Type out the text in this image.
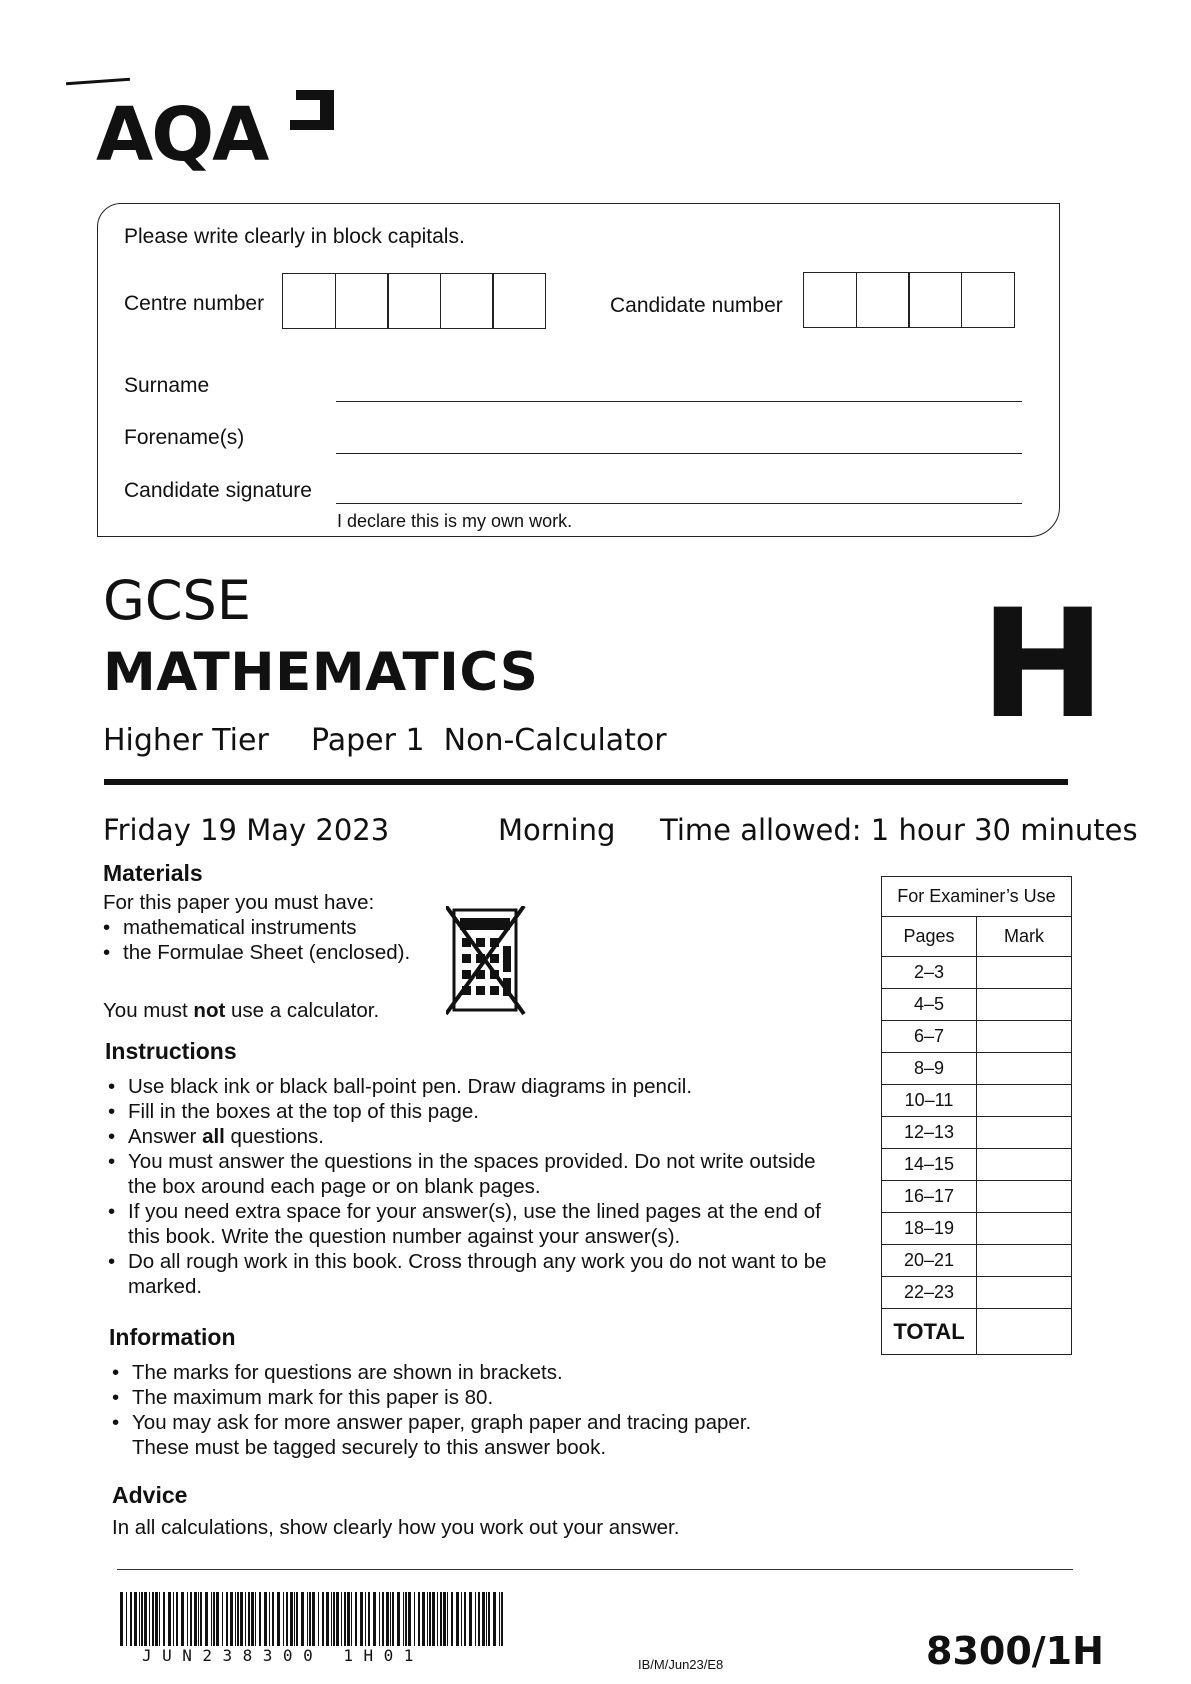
AQA
Please write clearly in block capitals.
Centre number	Candidate number
Surname
Forename(s)
Candidate signature
I declare this is my own work.
GCSE
MATHEMATICS
Higher Tier Paper 1  Non-Calculator H
Friday 19 May 2023	Morning Time allowed: 1 hour 30 minutes
Materials
For this paper you must have:
• mathematical instruments
• the Formulae Sheet (enclosed).
You must not use a calculator.
Instructions
• Use black ink or black ball-point pen. Draw diagrams in pencil.
• Fill in the boxes at the top of this page.
• Answer all questions.
• You must answer the questions in the spaces provided. Do not write outside the box around each page or on blank pages.
• If you need extra space for your answer(s), use the lined pages at the end of this book. Write the question number against your answer(s).
• Do all rough work in this book. Cross through any work you do not want to be marked.
Information
• The marks for questions are shown in brackets.
• The maximum mark for this paper is 80.
• You may ask for more answer paper, graph paper and tracing paper. These must be tagged securely to this answer book.
Advice
In all calculations, show clearly how you work out your answer.
For Examiner’s Use	
Pages	Mark
2–3	
4–5	
6–7	
8–9	
10–11	
12–13	
14–15	
16–17	
18–19	
20–21	
22–23	
TOTAL	
JUN238300 1H01	IB/M/Jun23/E8	8300/1H
